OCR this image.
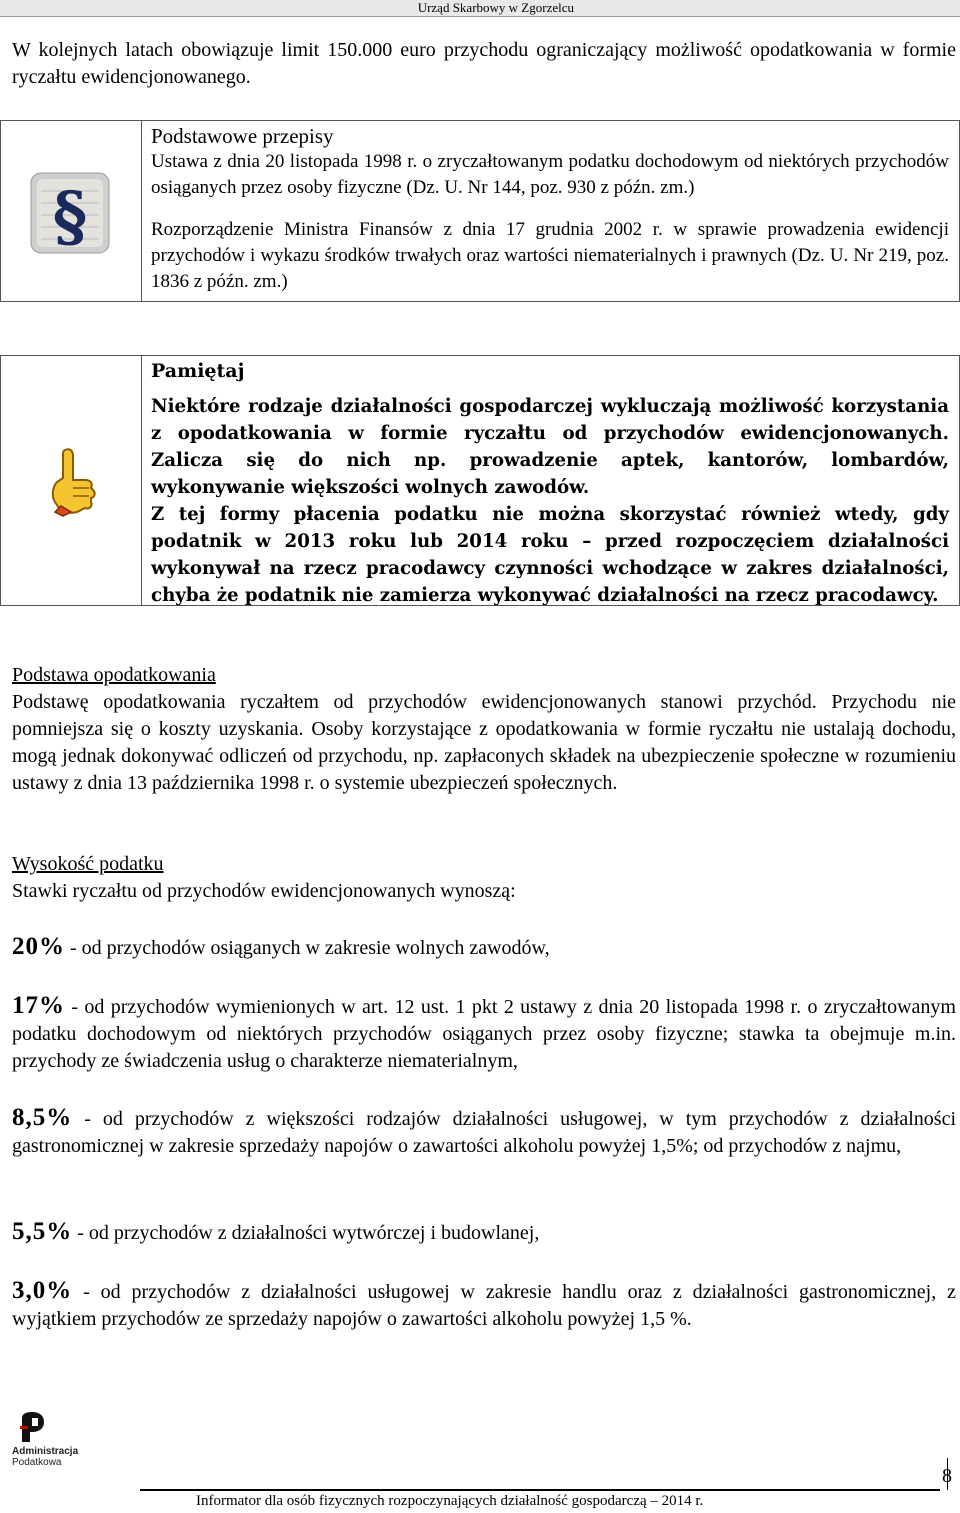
Urząd Skarbowy w Zgorzelcu

W kolejnych latach obowiązuje limit 150.000 euro przychodu ograniczający możliwość opodatkowania w formie ryczałtu ewidencjonowanego.

§

Podstawowe przepisy

Ustawa z dnia 20 listopada 1998 r. o zryczałtowanym podatku dochodowym od niektórych przychodów osiąganych przez osoby fizyczne (Dz. U. Nr 144, poz. 930 z późn. zm.)

Rozporządzenie Ministra Finansów z dnia 17 grudnia 2002 r. w sprawie prowadzenia ewidencji przychodów i wykazu środków trwałych oraz wartości niematerialnych i prawnych (Dz. U. Nr 219, poz. 1836 z późn. zm.)

Pamiętaj

Niektóre rodzaje działalności gospodarczej wykluczają możliwość korzystania z opodatkowania w formie ryczałtu od przychodów ewidencjonowanych. Zalicza się do nich np. prowadzenie aptek, kantorów, lombardów, wykonywanie większości wolnych zawodów.

Z tej formy płacenia podatku nie można skorzystać również wtedy, gdy podatnik w 2013 roku lub 2014 roku – przed rozpoczęciem działalności wykonywał na rzecz pracodawcy czynności wchodzące w zakres działalności, chyba że podatnik nie zamierza wykonywać działalności na rzecz pracodawcy.

Podstawa opodatkowania

Podstawę opodatkowania ryczałtem od przychodów ewidencjonowanych stanowi przychód. Przychodu nie pomniejsza się o koszty uzyskania. Osoby korzystające z opodatkowania w formie ryczałtu nie ustalają dochodu, mogą jednak dokonywać odliczeń od przychodu, np. zapłaconych składek na ubezpieczenie społeczne w rozumieniu ustawy z dnia 13 października 1998 r. o systemie ubezpieczeń społecznych.

Wysokość podatku

Stawki ryczałtu od przychodów ewidencjonowanych wynoszą:

20% - od przychodów osiąganych w zakresie wolnych zawodów,

17% - od przychodów wymienionych w art. 12 ust. 1 pkt 2 ustawy z dnia 20 listopada 1998 r. o zryczałtowanym podatku dochodowym od niektórych przychodów osiąganych przez osoby fizyczne; stawka ta obejmuje m.in. przychody ze świadczenia usług o charakterze niematerialnym,

8,5% - od przychodów z większości rodzajów działalności usługowej, w tym przychodów z działalności gastronomicznej w zakresie sprzedaży napojów o zawartości alkoholu powyżej 1,5%; od przychodów z najmu,

5,5% - od przychodów z działalności wytwórczej i budowlanej,

3,0% - od przychodów z działalności usługowej w zakresie handlu oraz z działalności gastronomicznej, z wyjątkiem przychodów ze sprzedaży napojów o zawartości alkoholu powyżej 1,5 %.

Administracja
Podatkowa
8
Informator dla osób fizycznych rozpoczynających działalność gospodarczą – 2014 r.
